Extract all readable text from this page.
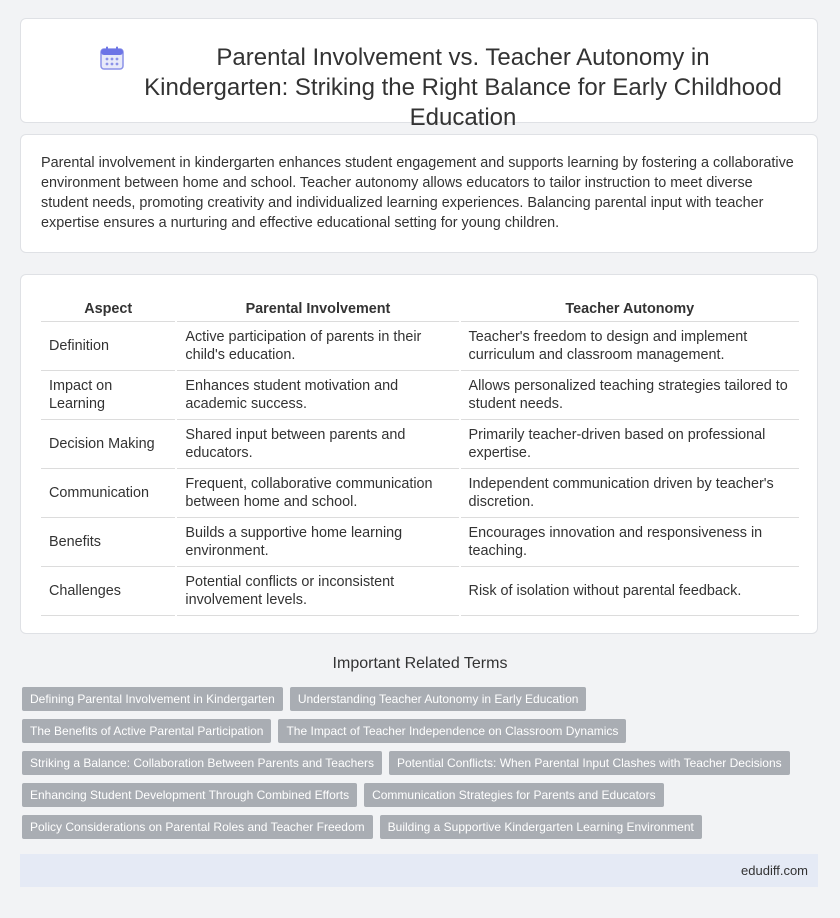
Parental Involvement vs. Teacher Autonomy in Kindergarten: Striking the Right Balance for Early Childhood Education

Parental involvement in kindergarten enhances student engagement and supports learning by fostering a collaborative environment between home and school. Teacher autonomy allows educators to tailor instruction to meet diverse student needs, promoting creativity and individualized learning experiences. Balancing parental input with teacher expertise ensures a nurturing and effective educational setting for young children.

Aspect	Parental Involvement	Teacher Autonomy
Definition	Active participation of parents in their child's education.	Teacher's freedom to design and implement curriculum and classroom management.
Impact on Learning	Enhances student motivation and academic success.	Allows personalized teaching strategies tailored to student needs.
Decision Making	Shared input between parents and educators.	Primarily teacher-driven based on professional expertise.
Communication	Frequent, collaborative communication between home and school.	Independent communication driven by teacher's discretion.
Benefits	Builds a supportive home learning environment.	Encourages innovation and responsiveness in teaching.
Challenges	Potential conflicts or inconsistent involvement levels.	Risk of isolation without parental feedback.
Important Related Terms
Defining Parental Involvement in Kindergarten	Understanding Teacher Autonomy in Early Education
The Benefits of Active Parental Participation	The Impact of Teacher Independence on Classroom Dynamics
Striking a Balance: Collaboration Between Parents and Teachers	Potential Conflicts: When Parental Input Clashes with Teacher Decisions
Enhancing Student Development Through Combined Efforts	Communication Strategies for Parents and Educators
Policy Considerations on Parental Roles and Teacher Freedom	Building a Supportive Kindergarten Learning Environment
edudiff.com
